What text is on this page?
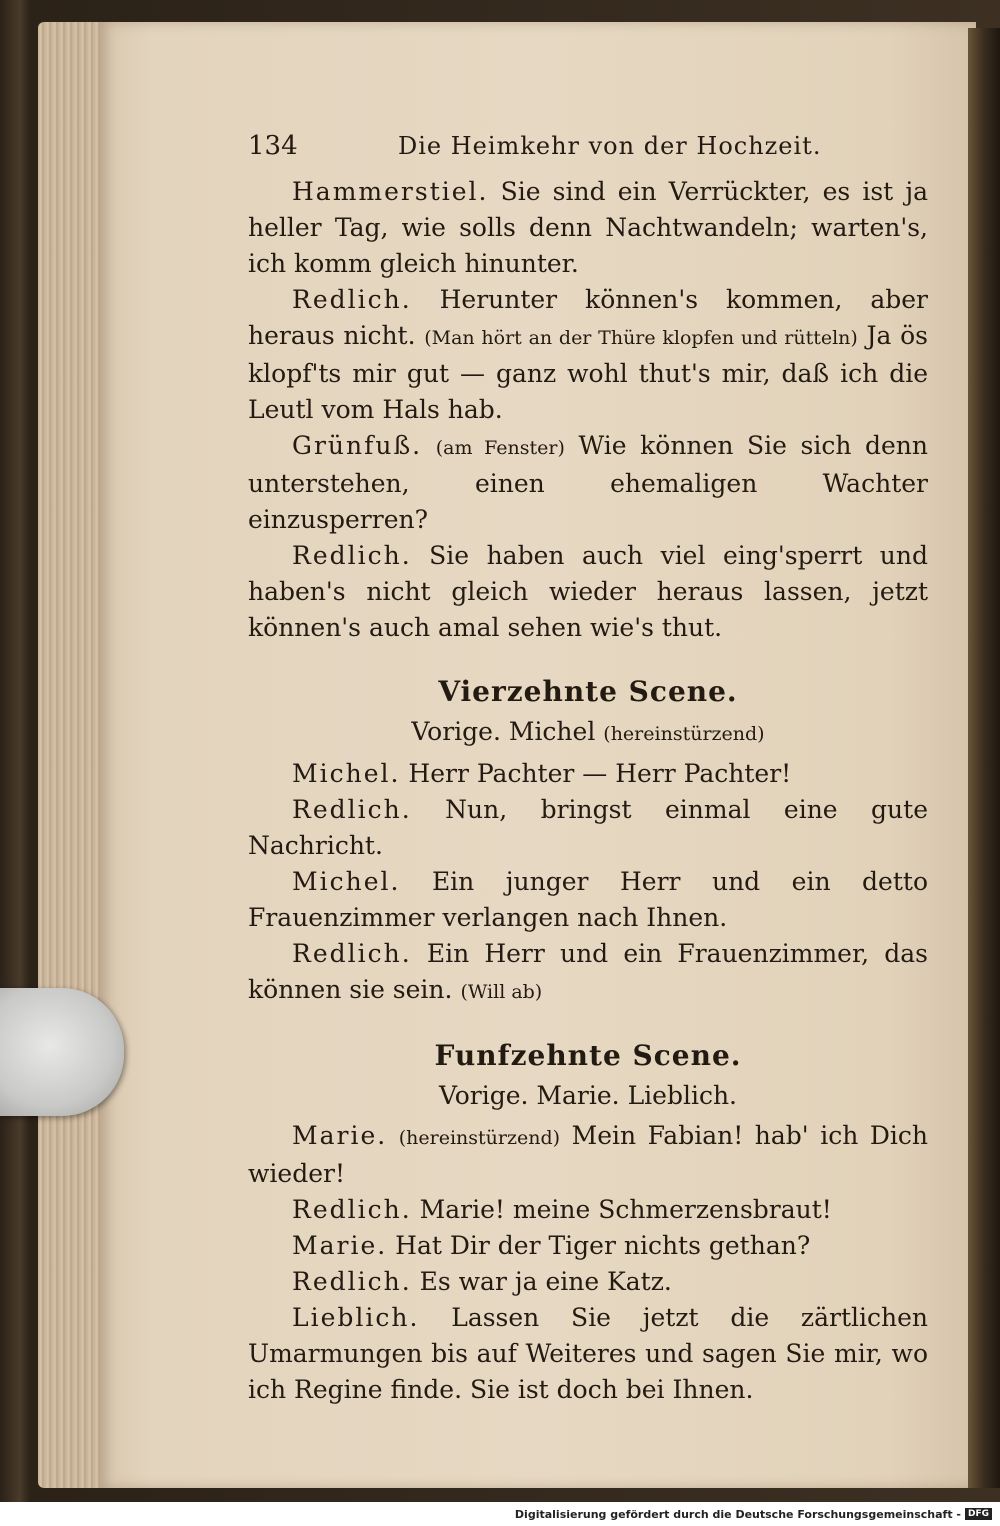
134	Die Heimkehr von der Hochzeit.

Hammerstiel. Sie sind ein Verrückter, es ist ja heller Tag, wie solls denn Nachtwandeln; warten's, ich komm gleich hinunter.

Redlich. Herunter können's kommen, aber heraus nicht. (Man hört an der Thüre klopfen und rütteln) Ja ös klopf'ts mir gut — ganz wohl thut's mir, daß ich die Leutl vom Hals hab.

Grünfuß. (am Fenster) Wie können Sie sich denn unterstehen, einen ehemaligen Wachter einzusperren?

Redlich. Sie haben auch viel eing'sperrt und haben's nicht gleich wieder heraus lassen, jetzt können's auch amal sehen wie's thut.

Vierzehnte Scene.
Vorige. Michel (hereinstürzend)

Michel. Herr Pachter — Herr Pachter!

Redlich. Nun, bringst einmal eine gute Nachricht.

Michel. Ein junger Herr und ein detto Frauenzimmer verlangen nach Ihnen.

Redlich. Ein Herr und ein Frauenzimmer, das können sie sein. (Will ab)

Funfzehnte Scene.
Vorige. Marie. Lieblich.

Marie. (hereinstürzend) Mein Fabian! hab' ich Dich wieder!

Redlich. Marie! meine Schmerzensbraut!

Marie. Hat Dir der Tiger nichts gethan?

Redlich. Es war ja eine Katz.

Lieblich. Lassen Sie jetzt die zärtlichen Umarmungen bis auf Weiteres und sagen Sie mir, wo ich Regine finde. Sie ist doch bei Ihnen.

Digitalisierung gefördert durch die Deutsche Forschungsgemeinschaft - DFG
